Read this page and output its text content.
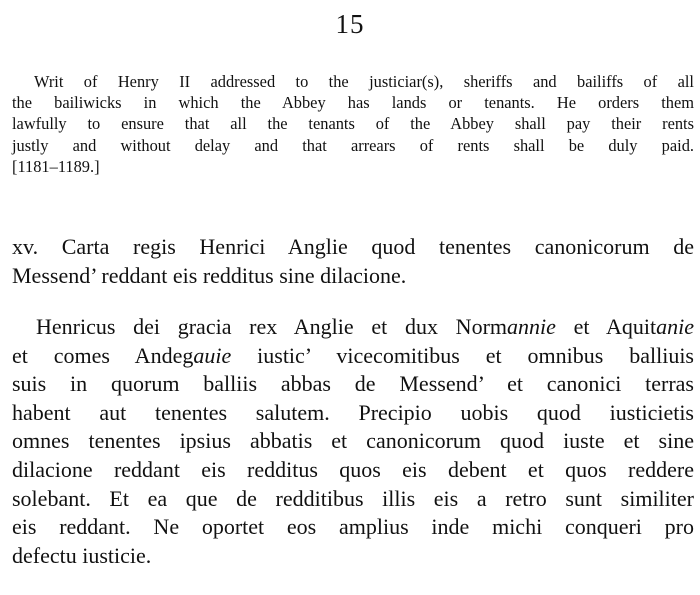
15
Writ of Henry II addressed to the justiciar(s), sheriffs and bailiffs of all
the bailiwicks in which the Abbey has lands or tenants. He orders them
lawfully to ensure that all the tenants of the Abbey shall pay their rents
justly and without delay and that arrears of rents shall be duly paid.
[1181–1189.]
xv. Carta regis Henrici Anglie quod tenentes canonicorum de
Messend’ reddant eis redditus sine dilacione.
Henricus dei gracia rex Anglie et dux Normannie et Aquitanie
et comes Andegauie iustic’ vicecomitibus et omnibus balliuis
suis in quorum balliis abbas de Messend’ et canonici terras
habent aut tenentes salutem. Precipio uobis quod iusticietis
omnes tenentes ipsius abbatis et canonicorum quod iuste et sine
dilacione reddant eis redditus quos eis debent et quos reddere
solebant. Et ea que de redditibus illis eis a retro sunt similiter
eis reddant. Ne oportet eos amplius inde michi conqueri pro
defectu iusticie.
